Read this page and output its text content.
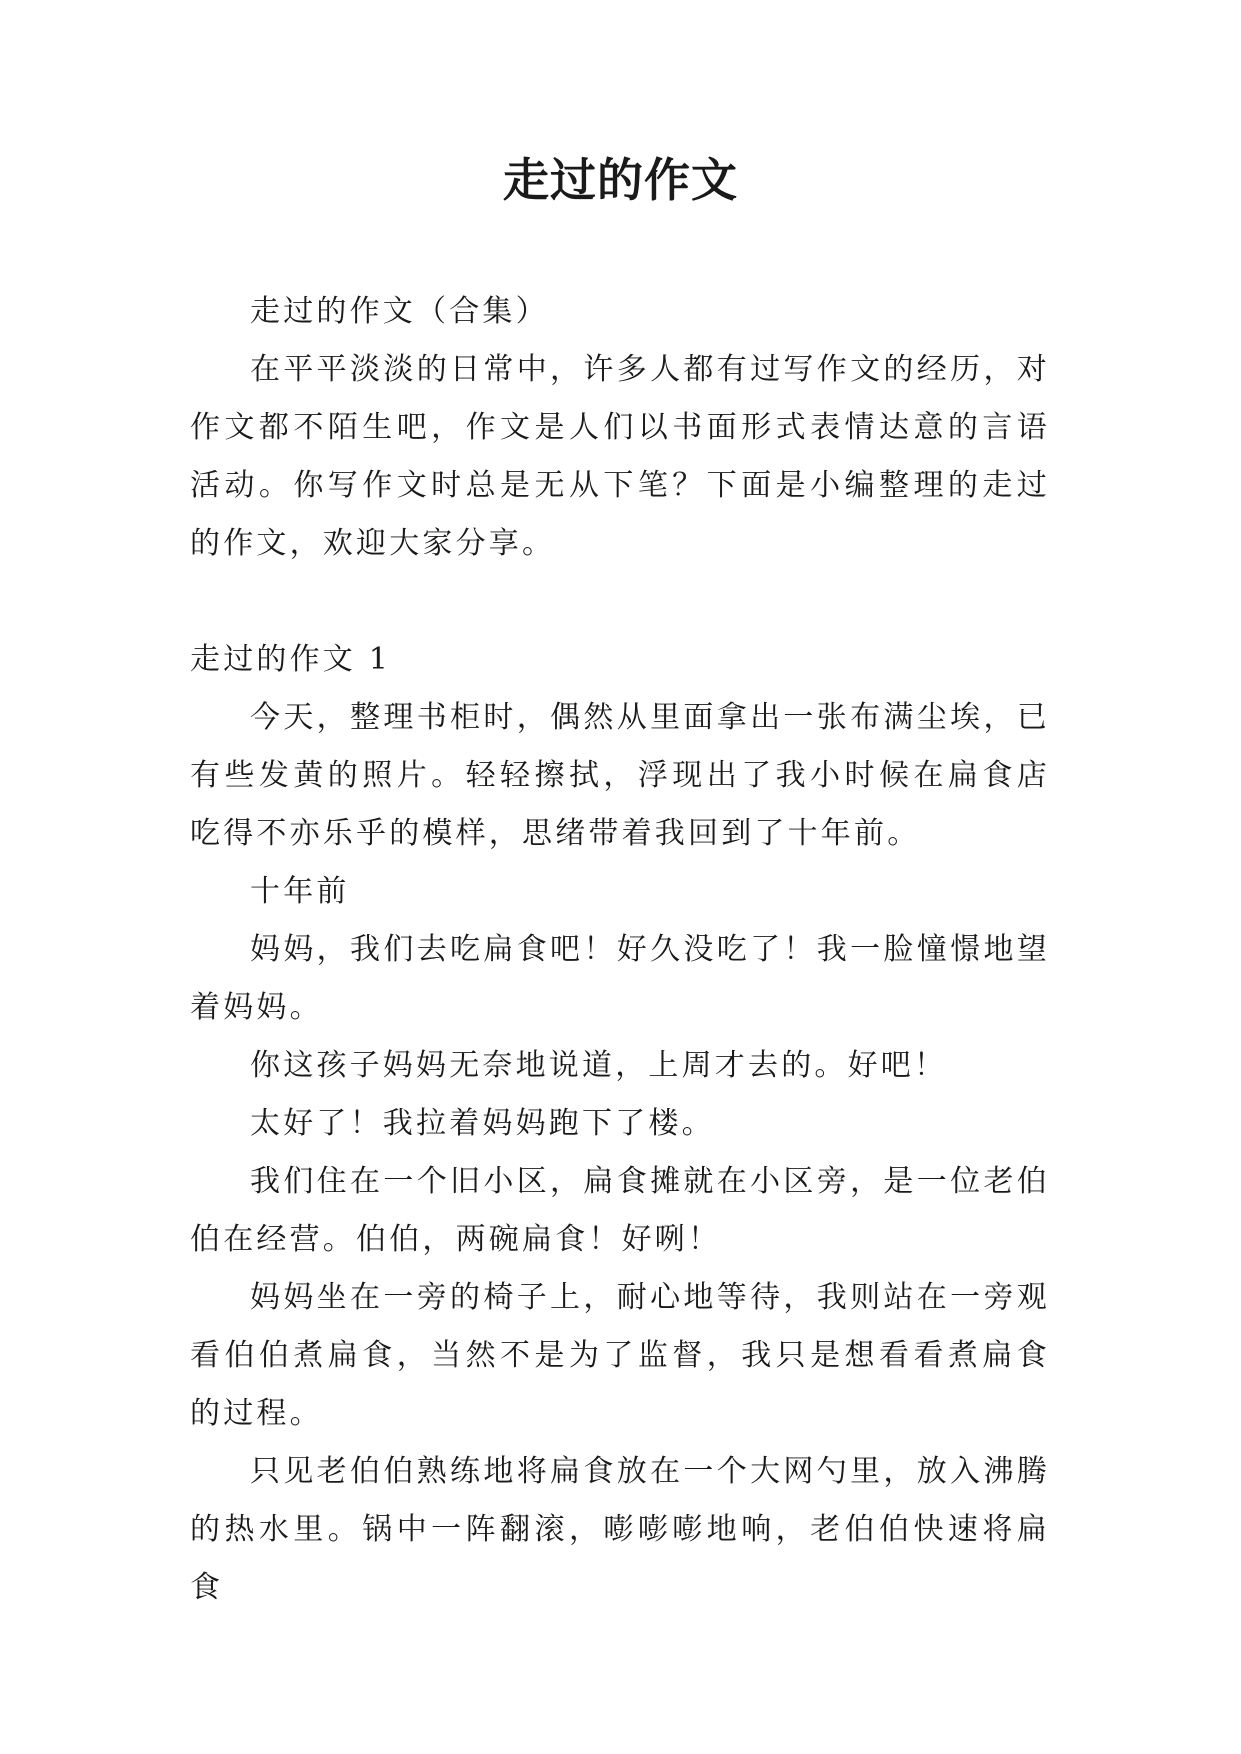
走过的作文

走过的作文（合集）

在平平淡淡的日常中，许多人都有过写作文的经历，对作文都不陌生吧，作文是人们以书面形式表情达意的言语活动。你写作文时总是无从下笔？下面是小编整理的走过的作文，欢迎大家分享。

走过的作文 1

今天，整理书柜时，偶然从里面拿出一张布满尘埃，已有些发黄的照片。轻轻擦拭，浮现出了我小时候在扁食店吃得不亦乐乎的模样，思绪带着我回到了十年前。

十年前

妈妈，我们去吃扁食吧！好久没吃了！我一脸憧憬地望着妈妈。

你这孩子妈妈无奈地说道，上周才去的。好吧！

太好了！我拉着妈妈跑下了楼。

我们住在一个旧小区，扁食摊就在小区旁，是一位老伯伯在经营。伯伯，两碗扁食！好咧！

妈妈坐在一旁的椅子上，耐心地等待，我则站在一旁观看伯伯煮扁食，当然不是为了监督，我只是想看看煮扁食的过程。

只见老伯伯熟练地将扁食放在一个大网勺里，放入沸腾的热水里。锅中一阵翻滚，嘭嘭嘭地响，老伯伯快速将扁食
